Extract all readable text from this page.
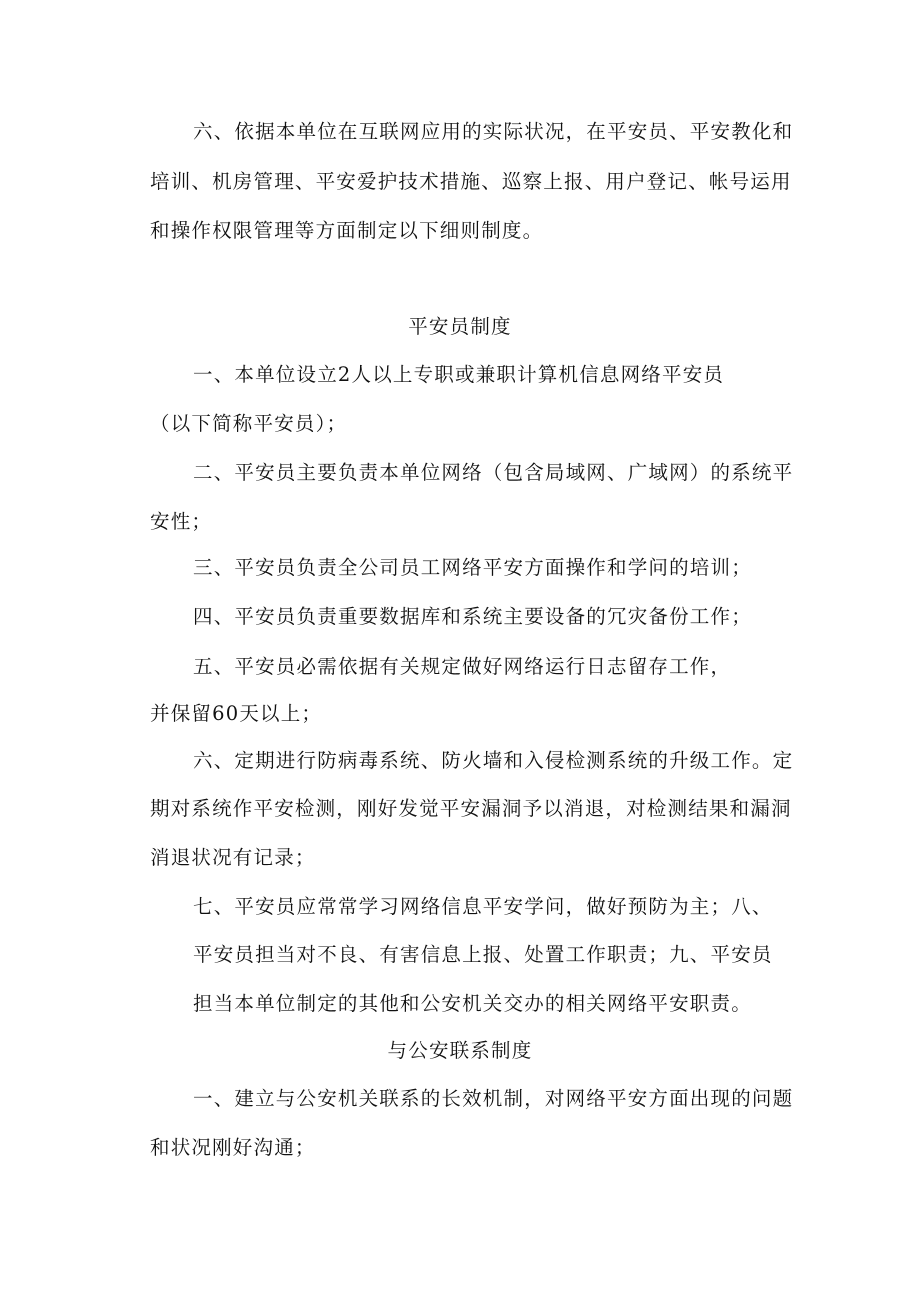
六、依据本单位在互联网应用的实际状况，在平安员、平安教化和
培训、机房管理、平安爱护技术措施、巡察上报、用户登记、帐号运用
和操作权限管理等方面制定以下细则制度。
平安员制度
一、本单位设立2人以上专职或兼职计算机信息网络平安员
（以下简称平安员）；
二、平安员主要负责本单位网络（包含局域网、广域网）的系统平
安性；
三、平安员负责全公司员工网络平安方面操作和学问的培训；
四、平安员负责重要数据库和系统主要设备的冗灾备份工作；
五、平安员必需依据有关规定做好网络运行日志留存工作，
并保留60天以上；
六、定期进行防病毒系统、防火墙和入侵检测系统的升级工作。定
期对系统作平安检测，刚好发觉平安漏洞予以消退，对检测结果和漏洞
消退状况有记录；
七、平安员应常常学习网络信息平安学问，做好预防为主；八、
平安员担当对不良、有害信息上报、处置工作职责；九、平安员
担当本单位制定的其他和公安机关交办的相关网络平安职责。
与公安联系制度
一、建立与公安机关联系的长效机制，对网络平安方面出现的问题
和状况刚好沟通；
